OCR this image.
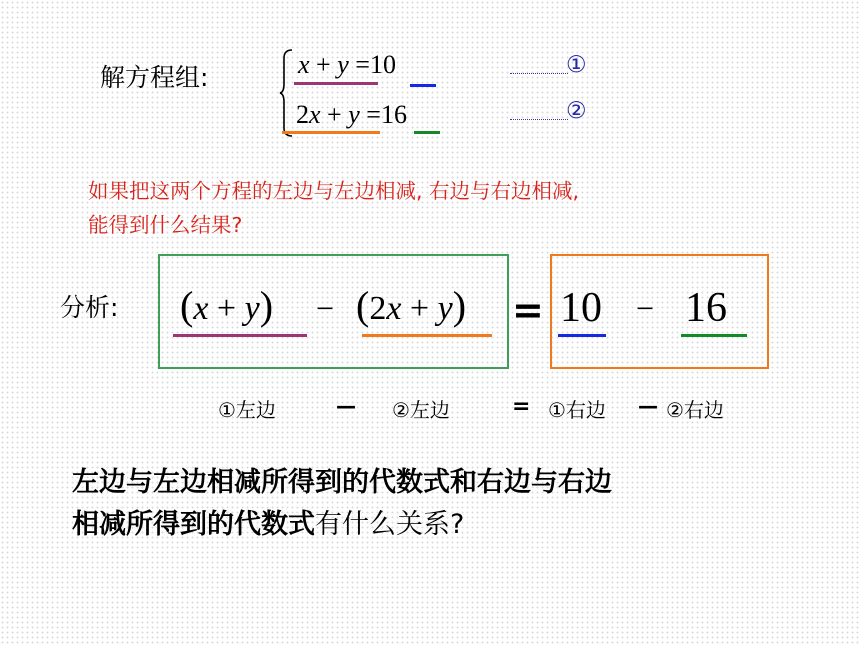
解方程组:	x + y =10
2x + y =16
①
②
如果把这两个方程的左边与左边相减, 右边与右边相减,
能得到什么结果?
分析: (x + y) − (2x + y) = 10 − 16
①左边	— ②左边	= ①右边 — ②右边
左边与左边相减所得到的代数式和右边与右边
相减所得到的代数式有什么关系?
